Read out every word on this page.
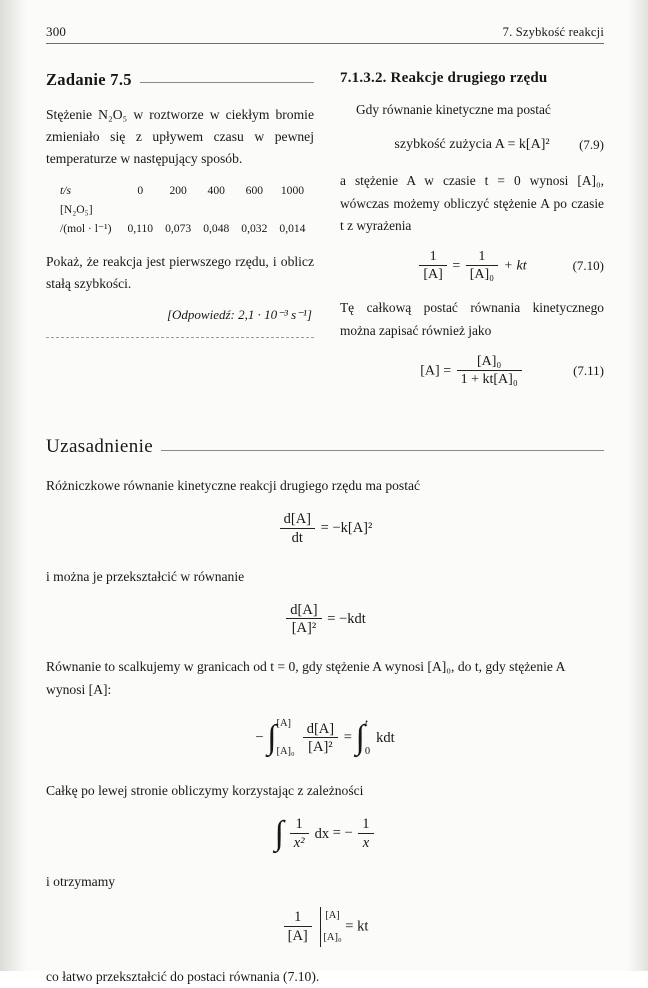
300	7. Szybkość reakcji
Zadanie 7.5

Stężenie N₂O₅ w roztworze w ciekłym bromie zmieniało się z upływem czasu w pewnej temperaturze w następujący sposób.

t/s	0	200	400	600	1000
[N₂O₅]					
/(mol · l⁻¹)	0,110	0,073	0,048	0,032	0,014

Pokaż, że reakcja jest pierwszego rzędu, i oblicz stałą szybkości.

[Odpowiedź: 2,1 · 10⁻³ s⁻¹]
7.1.3.2. Reakcje drugiego rzędu

Gdy równanie kinetyczne ma postać

szybkość zużycia A = k[A]² (7.9)

a stężenie A w czasie t = 0 wynosi [A]₀, wówczas możemy obliczyć stężenie A po czasie t z wyrażenia

$\frac{1}{[A]} = \frac{1}{\text{[A]₀}}$ + kt	(7.10)

Tę całkową postać równania kinetycznego można zapisać również jako

$[A] = \frac{\text{[A]₀}}{\text{1 + kt[A]₀}}$	(7.11)
Uzasadnienie

Różniczkowe równanie kinetyczne reakcji drugiego rzędu ma postać

$\frac{d[A]}{dt} = -k[A]^2$

i można je przekształcić w równanie

$\frac{d[A]}{\text{[A]²}} = -kdt$

Równanie to scalkujemy w granicach od t = 0, gdy stężenie A wynosi [A]₀, do t, gdy stężenie A wynosi [A]:

− ∫ [A]
$[A]_0 \frac{d[A]}{\text{[A]²}}$ = ∫ t
0
kdt

Całkę po lewej stronie obliczymy korzystając z zależności

∫ $\frac{1}{\text{x²}}$ dx = − $\frac{1}{x}$

i otrzymamy

$\frac{1}{[A]}$
[A]
[A]₀
= kt

co łatwo przekształcić do postaci równania (7.10).
